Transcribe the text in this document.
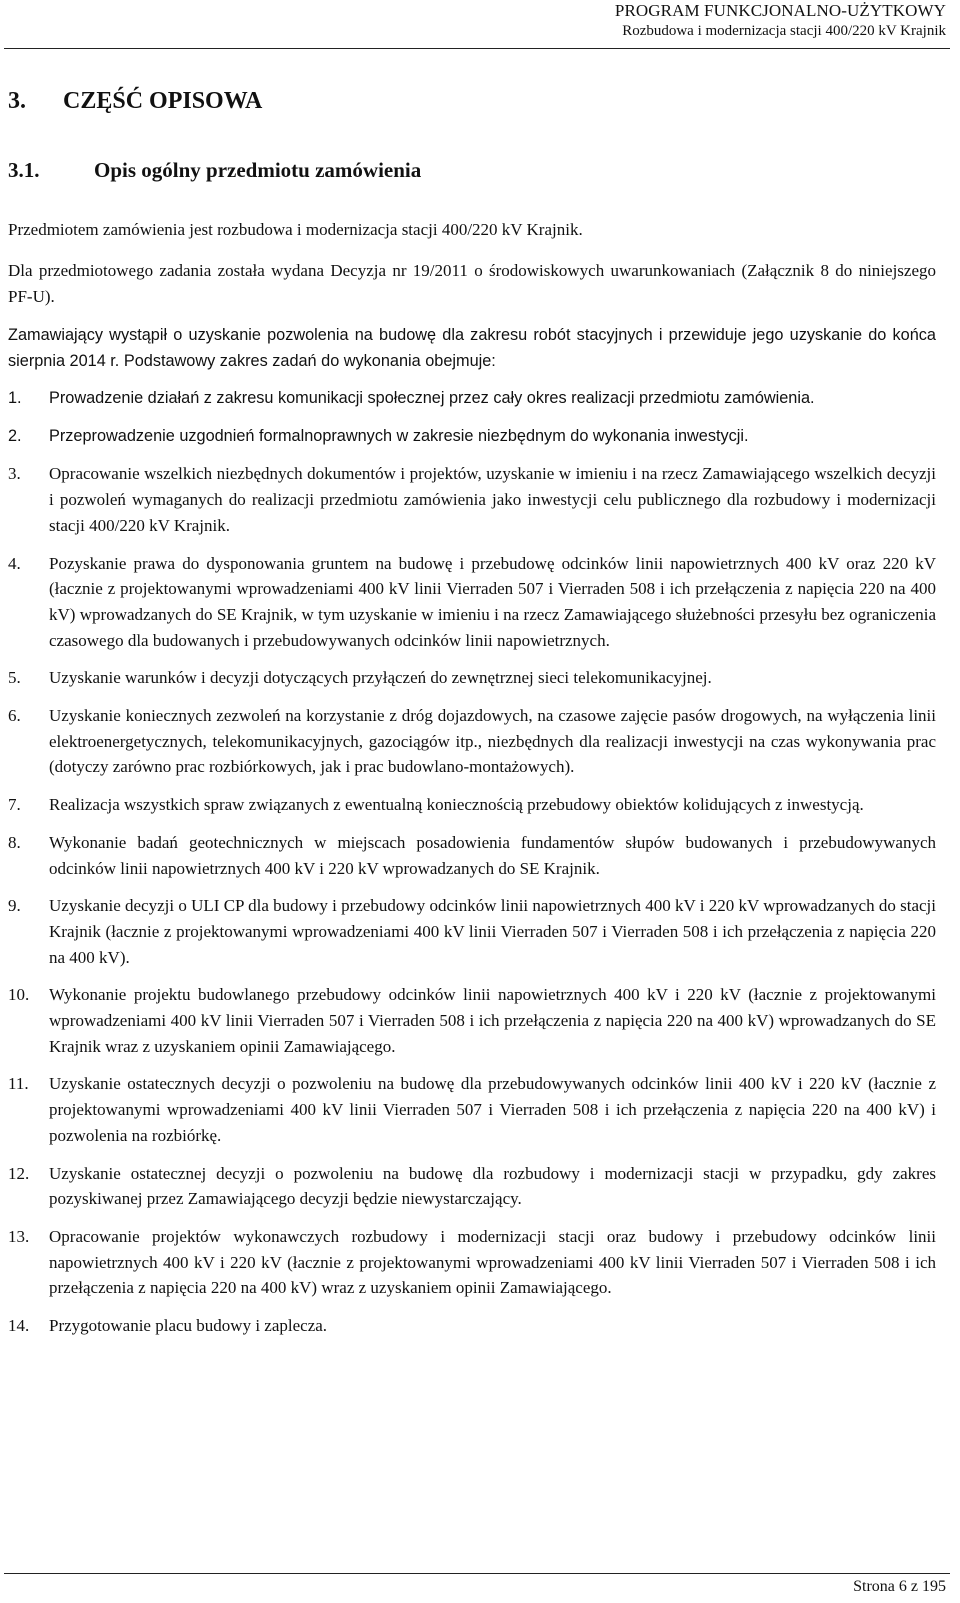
PROGRAM FUNKCJONALNO-UŻYTKOWY
Rozbudowa i modernizacja stacji 400/220 kV Krajnik
3. CZĘŚĆ OPISOWA
3.1.	Opis ogólny przedmiotu zamówienia

Przedmiotem zamówienia jest rozbudowa i modernizacja stacji 400/220 kV Krajnik.

Dla przedmiotowego zadania została wydana Decyzja nr 19/2011 o środowiskowych uwarunkowaniach (Załącznik 8 do niniejszego PF-U).

Zamawiający wystąpił o uzyskanie pozwolenia na budowę dla zakresu robót stacyjnych i przewiduje jego uzyskanie do końca sierpnia 2014 r. Podstawowy zakres zadań do wykonania obejmuje:

1. Prowadzenie działań z zakresu komunikacji społecznej przez cały okres realizacji przedmiotu zamówienia.
2. Przeprowadzenie uzgodnień formalnoprawnych w zakresie niezbędnym do wykonania inwestycji.
3. Opracowanie wszelkich niezbędnych dokumentów i projektów, uzyskanie w imieniu i na rzecz Zamawiającego wszelkich decyzji i pozwoleń wymaganych do realizacji przedmiotu zamówienia jako inwestycji celu publicznego dla rozbudowy i modernizacji stacji 400/220 kV Krajnik.
4. Pozyskanie prawa do dysponowania gruntem na budowę i przebudowę odcinków linii napowietrznych 400 kV oraz 220 kV (łacznie z projektowanymi wprowadzeniami 400 kV linii Vierraden 507 i Vierraden 508 i ich przełączenia z napięcia 220 na 400 kV) wprowadzanych do SE Krajnik, w tym uzyskanie w imieniu i na rzecz Zamawiającego służebności przesyłu bez ograniczenia czasowego dla budowanych i przebudowywanych odcinków linii napowietrznych.
5. Uzyskanie warunków i decyzji dotyczących przyłączeń do zewnętrznej sieci telekomunikacyjnej.
6. Uzyskanie koniecznych zezwoleń na korzystanie z dróg dojazdowych, na czasowe zajęcie pasów drogowych, na wyłączenia linii elektroenergetycznych, telekomunikacyjnych, gazociągów itp., niezbędnych dla realizacji inwestycji na czas wykonywania prac (dotyczy zarówno prac rozbiórkowych, jak i prac budowlano-montażowych).
7. Realizacja wszystkich spraw związanych z ewentualną koniecznością przebudowy obiektów kolidujących z inwestycją.
8. Wykonanie badań geotechnicznych w miejscach posadowienia fundamentów słupów budowanych i przebudowywanych odcinków linii napowietrznych 400 kV i 220 kV wprowadzanych do SE Krajnik.
9. Uzyskanie decyzji o ULI CP dla budowy i przebudowy odcinków linii napowietrznych 400 kV i 220 kV wprowadzanych do stacji Krajnik (łacznie z projektowanymi wprowadzeniami 400 kV linii Vierraden 507 i Vierraden 508 i ich przełączenia z napięcia 220 na 400 kV).
10. Wykonanie projektu budowlanego przebudowy odcinków linii napowietrznych 400 kV i 220 kV (łacznie z projektowanymi wprowadzeniami 400 kV linii Vierraden 507 i Vierraden 508 i ich przełączenia z napięcia 220 na 400 kV) wprowadzanych do SE Krajnik wraz z uzyskaniem opinii Zamawiającego.
11. Uzyskanie ostatecznych decyzji o pozwoleniu na budowę dla przebudowywanych odcinków linii 400 kV i 220 kV (łacznie z projektowanymi wprowadzeniami 400 kV linii Vierraden 507 i Vierraden 508 i ich przełączenia z napięcia 220 na 400 kV) i pozwolenia na rozbiórkę.
12. Uzyskanie ostatecznej decyzji o pozwoleniu na budowę dla rozbudowy i modernizacji stacji w przypadku, gdy zakres pozyskiwanej przez Zamawiającego decyzji będzie niewystarczający.
13. Opracowanie projektów wykonawczych rozbudowy i modernizacji stacji oraz budowy i przebudowy odcinków linii napowietrznych 400 kV i 220 kV (łacznie z projektowanymi wprowadzeniami 400 kV linii Vierraden 507 i Vierraden 508 i ich przełączenia z napięcia 220 na 400 kV) wraz z uzyskaniem opinii Zamawiającego.
14. Przygotowanie placu budowy i zaplecza.
Strona 6 z 195
